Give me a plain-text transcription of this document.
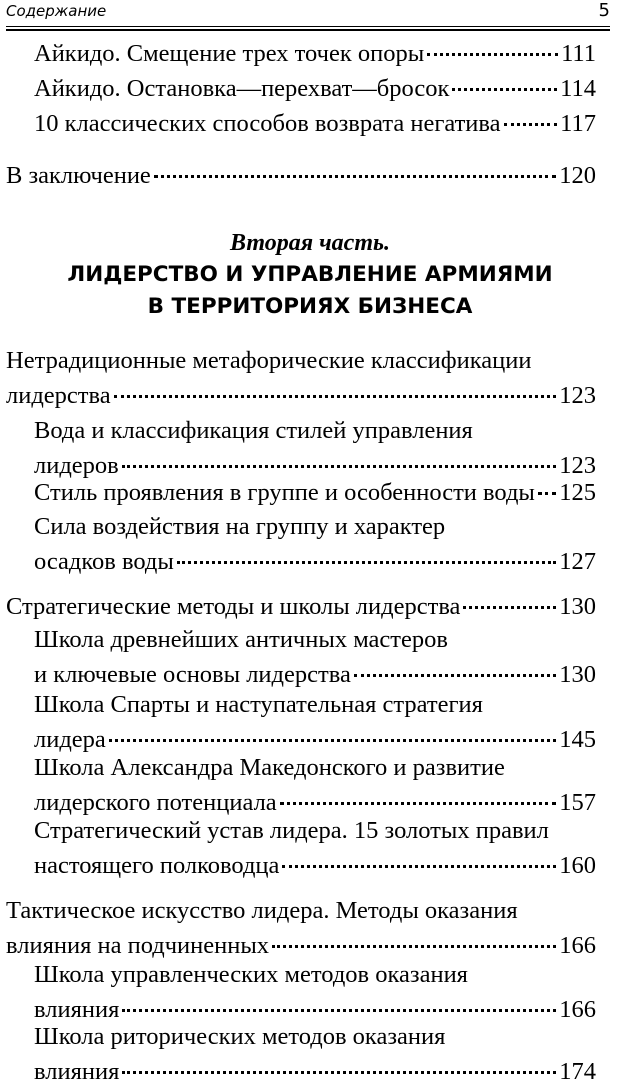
Содержание	5
Айкидо. Смещение трех точек опоры	111
Айкидо. Остановка—перехват—бросок	114
10 классических способов возврата негатива 117
В заключение	120
Вторая часть.
ЛИДЕРСТВО И УПРАВЛЕНИЕ АРМИЯМИ
В ТЕРРИТОРИЯХ БИЗНЕСА
Нетрадиционные метафорические классификации
лидерства	123
Вода и классификация стилей управления
лидеров	123
Стиль проявления в группе и особенности воды 125
Сила воздействия на группу и характер
осадков воды	127
Стратегические методы и школы лидерства	130
Школа древнейших античных мастеров
и ключевые основы лидерства	130
Школа Спарты и наступательная стратегия
лидера	145
Школа Александра Македонского и развитие
лидерского потенциала	157
Стратегический устав лидера. 15 золотых правил
настоящего полководца	160
Тактическое искусство лидера. Методы оказания
влияния на подчиненных	166
Школа управленческих методов оказания
влияния	166
Школа риторических методов оказания
влияния	174
